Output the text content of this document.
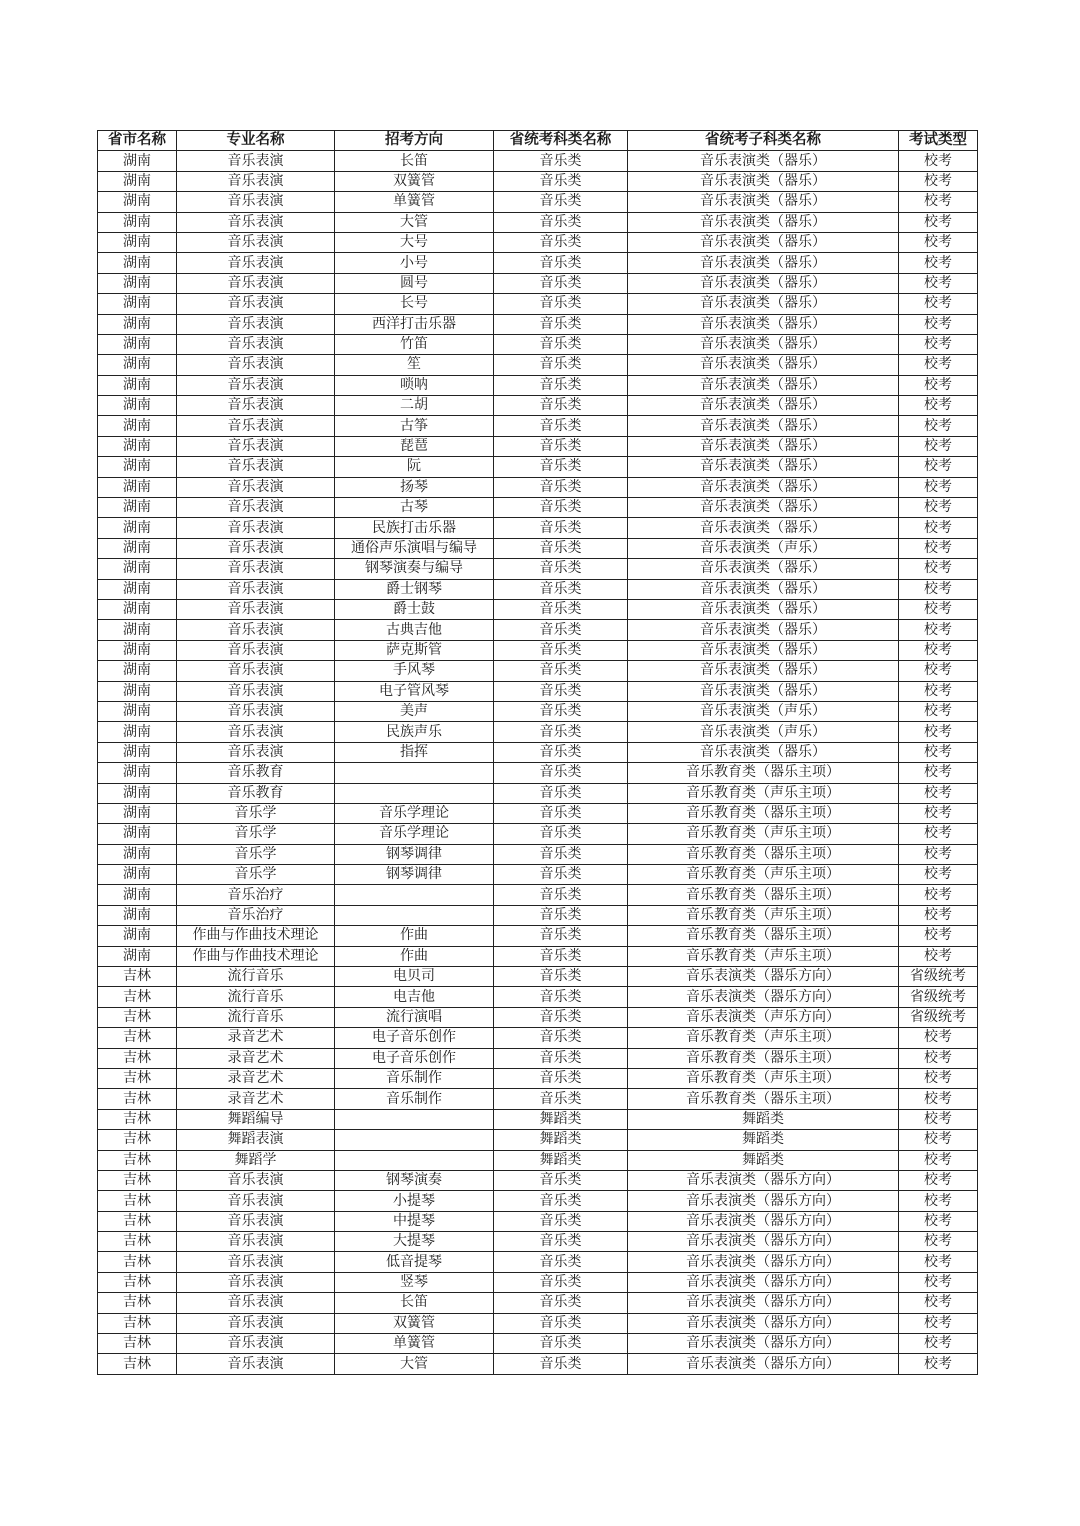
省市名称	专业名称	招考方向	省统考科类名称	省统考子科类名称	考试类型
湖南	音乐表演	长笛	音乐类	音乐表演类（器乐）	校考
湖南	音乐表演	双簧管	音乐类	音乐表演类（器乐）	校考
湖南	音乐表演	单簧管	音乐类	音乐表演类（器乐）	校考
湖南	音乐表演	大管	音乐类	音乐表演类（器乐）	校考
湖南	音乐表演	大号	音乐类	音乐表演类（器乐）	校考
湖南	音乐表演	小号	音乐类	音乐表演类（器乐）	校考
湖南	音乐表演	圆号	音乐类	音乐表演类（器乐）	校考
湖南	音乐表演	长号	音乐类	音乐表演类（器乐）	校考
湖南	音乐表演	西洋打击乐器	音乐类	音乐表演类（器乐）	校考
湖南	音乐表演	竹笛	音乐类	音乐表演类（器乐）	校考
湖南	音乐表演	笙	音乐类	音乐表演类（器乐）	校考
湖南	音乐表演	唢呐	音乐类	音乐表演类（器乐）	校考
湖南	音乐表演	二胡	音乐类	音乐表演类（器乐）	校考
湖南	音乐表演	古筝	音乐类	音乐表演类（器乐）	校考
湖南	音乐表演	琵琶	音乐类	音乐表演类（器乐）	校考
湖南	音乐表演	阮	音乐类	音乐表演类（器乐）	校考
湖南	音乐表演	扬琴	音乐类	音乐表演类（器乐）	校考
湖南	音乐表演	古琴	音乐类	音乐表演类（器乐）	校考
湖南	音乐表演	民族打击乐器	音乐类	音乐表演类（器乐）	校考
湖南	音乐表演	通俗声乐演唱与编导	音乐类	音乐表演类（声乐）	校考
湖南	音乐表演	钢琴演奏与编导	音乐类	音乐表演类（器乐）	校考
湖南	音乐表演	爵士钢琴	音乐类	音乐表演类（器乐）	校考
湖南	音乐表演	爵士鼓	音乐类	音乐表演类（器乐）	校考
湖南	音乐表演	古典吉他	音乐类	音乐表演类（器乐）	校考
湖南	音乐表演	萨克斯管	音乐类	音乐表演类（器乐）	校考
湖南	音乐表演	手风琴	音乐类	音乐表演类（器乐）	校考
湖南	音乐表演	电子管风琴	音乐类	音乐表演类（器乐）	校考
湖南	音乐表演	美声	音乐类	音乐表演类（声乐）	校考
湖南	音乐表演	民族声乐	音乐类	音乐表演类（声乐）	校考
湖南	音乐表演	指挥	音乐类	音乐表演类（器乐）	校考
湖南	音乐教育		音乐类	音乐教育类（器乐主项）	校考
湖南	音乐教育		音乐类	音乐教育类（声乐主项）	校考
湖南	音乐学	音乐学理论	音乐类	音乐教育类（器乐主项）	校考
湖南	音乐学	音乐学理论	音乐类	音乐教育类（声乐主项）	校考
湖南	音乐学	钢琴调律	音乐类	音乐教育类（器乐主项）	校考
湖南	音乐学	钢琴调律	音乐类	音乐教育类（声乐主项）	校考
湖南	音乐治疗		音乐类	音乐教育类（器乐主项）	校考
湖南	音乐治疗		音乐类	音乐教育类（声乐主项）	校考
湖南	作曲与作曲技术理论	作曲	音乐类	音乐教育类（器乐主项）	校考
湖南	作曲与作曲技术理论	作曲	音乐类	音乐教育类（声乐主项）	校考
吉林	流行音乐	电贝司	音乐类	音乐表演类（器乐方向）	省级统考
吉林	流行音乐	电吉他	音乐类	音乐表演类（器乐方向）	省级统考
吉林	流行音乐	流行演唱	音乐类	音乐表演类（声乐方向）	省级统考
吉林	录音艺术	电子音乐创作	音乐类	音乐教育类（声乐主项）	校考
吉林	录音艺术	电子音乐创作	音乐类	音乐教育类（器乐主项）	校考
吉林	录音艺术	音乐制作	音乐类	音乐教育类（声乐主项）	校考
吉林	录音艺术	音乐制作	音乐类	音乐教育类（器乐主项）	校考
吉林	舞蹈编导		舞蹈类	舞蹈类	校考
吉林	舞蹈表演		舞蹈类	舞蹈类	校考
吉林	舞蹈学		舞蹈类	舞蹈类	校考
吉林	音乐表演	钢琴演奏	音乐类	音乐表演类（器乐方向）	校考
吉林	音乐表演	小提琴	音乐类	音乐表演类（器乐方向）	校考
吉林	音乐表演	中提琴	音乐类	音乐表演类（器乐方向）	校考
吉林	音乐表演	大提琴	音乐类	音乐表演类（器乐方向）	校考
吉林	音乐表演	低音提琴	音乐类	音乐表演类（器乐方向）	校考
吉林	音乐表演	竖琴	音乐类	音乐表演类（器乐方向）	校考
吉林	音乐表演	长笛	音乐类	音乐表演类（器乐方向）	校考
吉林	音乐表演	双簧管	音乐类	音乐表演类（器乐方向）	校考
吉林	音乐表演	单簧管	音乐类	音乐表演类（器乐方向）	校考
吉林	音乐表演	大管	音乐类	音乐表演类（器乐方向）	校考
